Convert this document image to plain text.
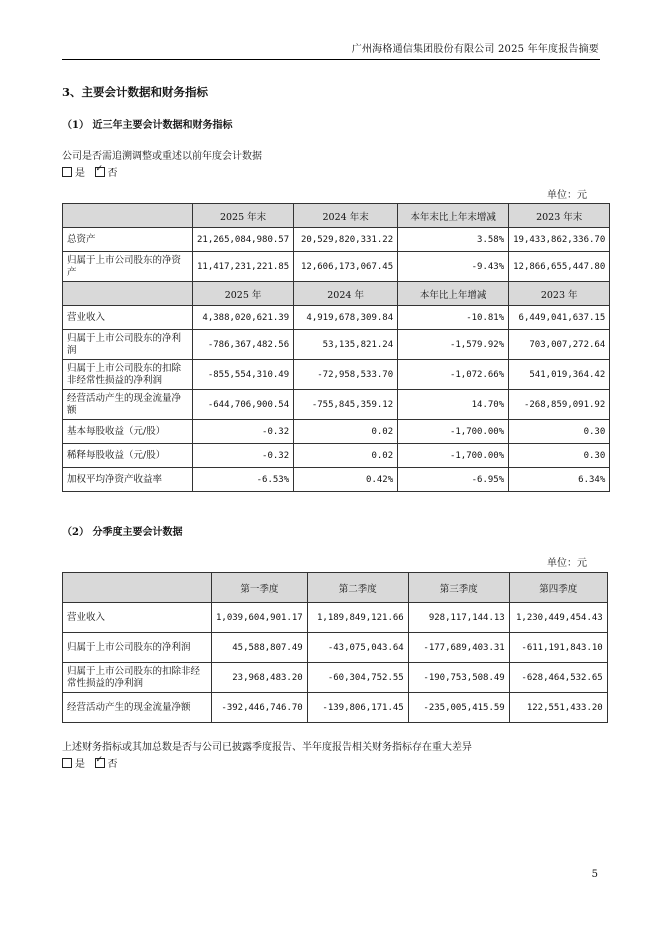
广州海格通信集团股份有限公司 2025 年年度报告摘要
3、主要会计数据和财务指标
（1） 近三年主要会计数据和财务指标
公司是否需追溯调整或重述以前年度会计数据
是
✓ 否
单位：元
	2025 年末	2024 年末	本年末比上年末增减	2023 年末
总资产	21,265,084,980.57	20,529,820,331.22	3.58%	19,433,862,336.70
归属于上市公司股东的净资产	11,417,231,221.85	12,606,173,067.45	-9.43%	12,866,655,447.80
	2025 年	2024 年	本年比上年增减	2023 年
营业收入	4,388,020,621.39	4,919,678,309.84	-10.81%	6,449,041,637.15
归属于上市公司股东的净利润	-786,367,482.56	53,135,821.24	-1,579.92%	703,007,272.64
归属于上市公司股东的扣除非经常性损益的净利润	-855,554,310.49	-72,958,533.70	-1,072.66%	541,019,364.42
经营活动产生的现金流量净额	-644,706,900.54	-755,845,359.12	14.70%	-268,859,091.92
基本每股收益（元/股）	-0.32	0.02	-1,700.00%	0.30
稀释每股收益（元/股）	-0.32	0.02	-1,700.00%	0.30
加权平均净资产收益率	-6.53%	0.42%	-6.95%	6.34%
（2） 分季度主要会计数据
单位：元
	第一季度	第二季度	第三季度	第四季度
营业收入	1,039,604,901.17	1,189,849,121.66	928,117,144.13	1,230,449,454.43
归属于上市公司股东的净利润	45,588,807.49	-43,075,043.64	-177,689,403.31	-611,191,843.10
归属于上市公司股东的扣除非经常性损益的净利润	23,968,483.20	-60,304,752.55	-190,753,508.49	-628,464,532.65
经营活动产生的现金流量净额	-392,446,746.70	-139,806,171.45	-235,005,415.59	122,551,433.20
上述财务指标或其加总数是否与公司已披露季度报告、半年度报告相关财务指标存在重大差异
是
✓ 否
5
